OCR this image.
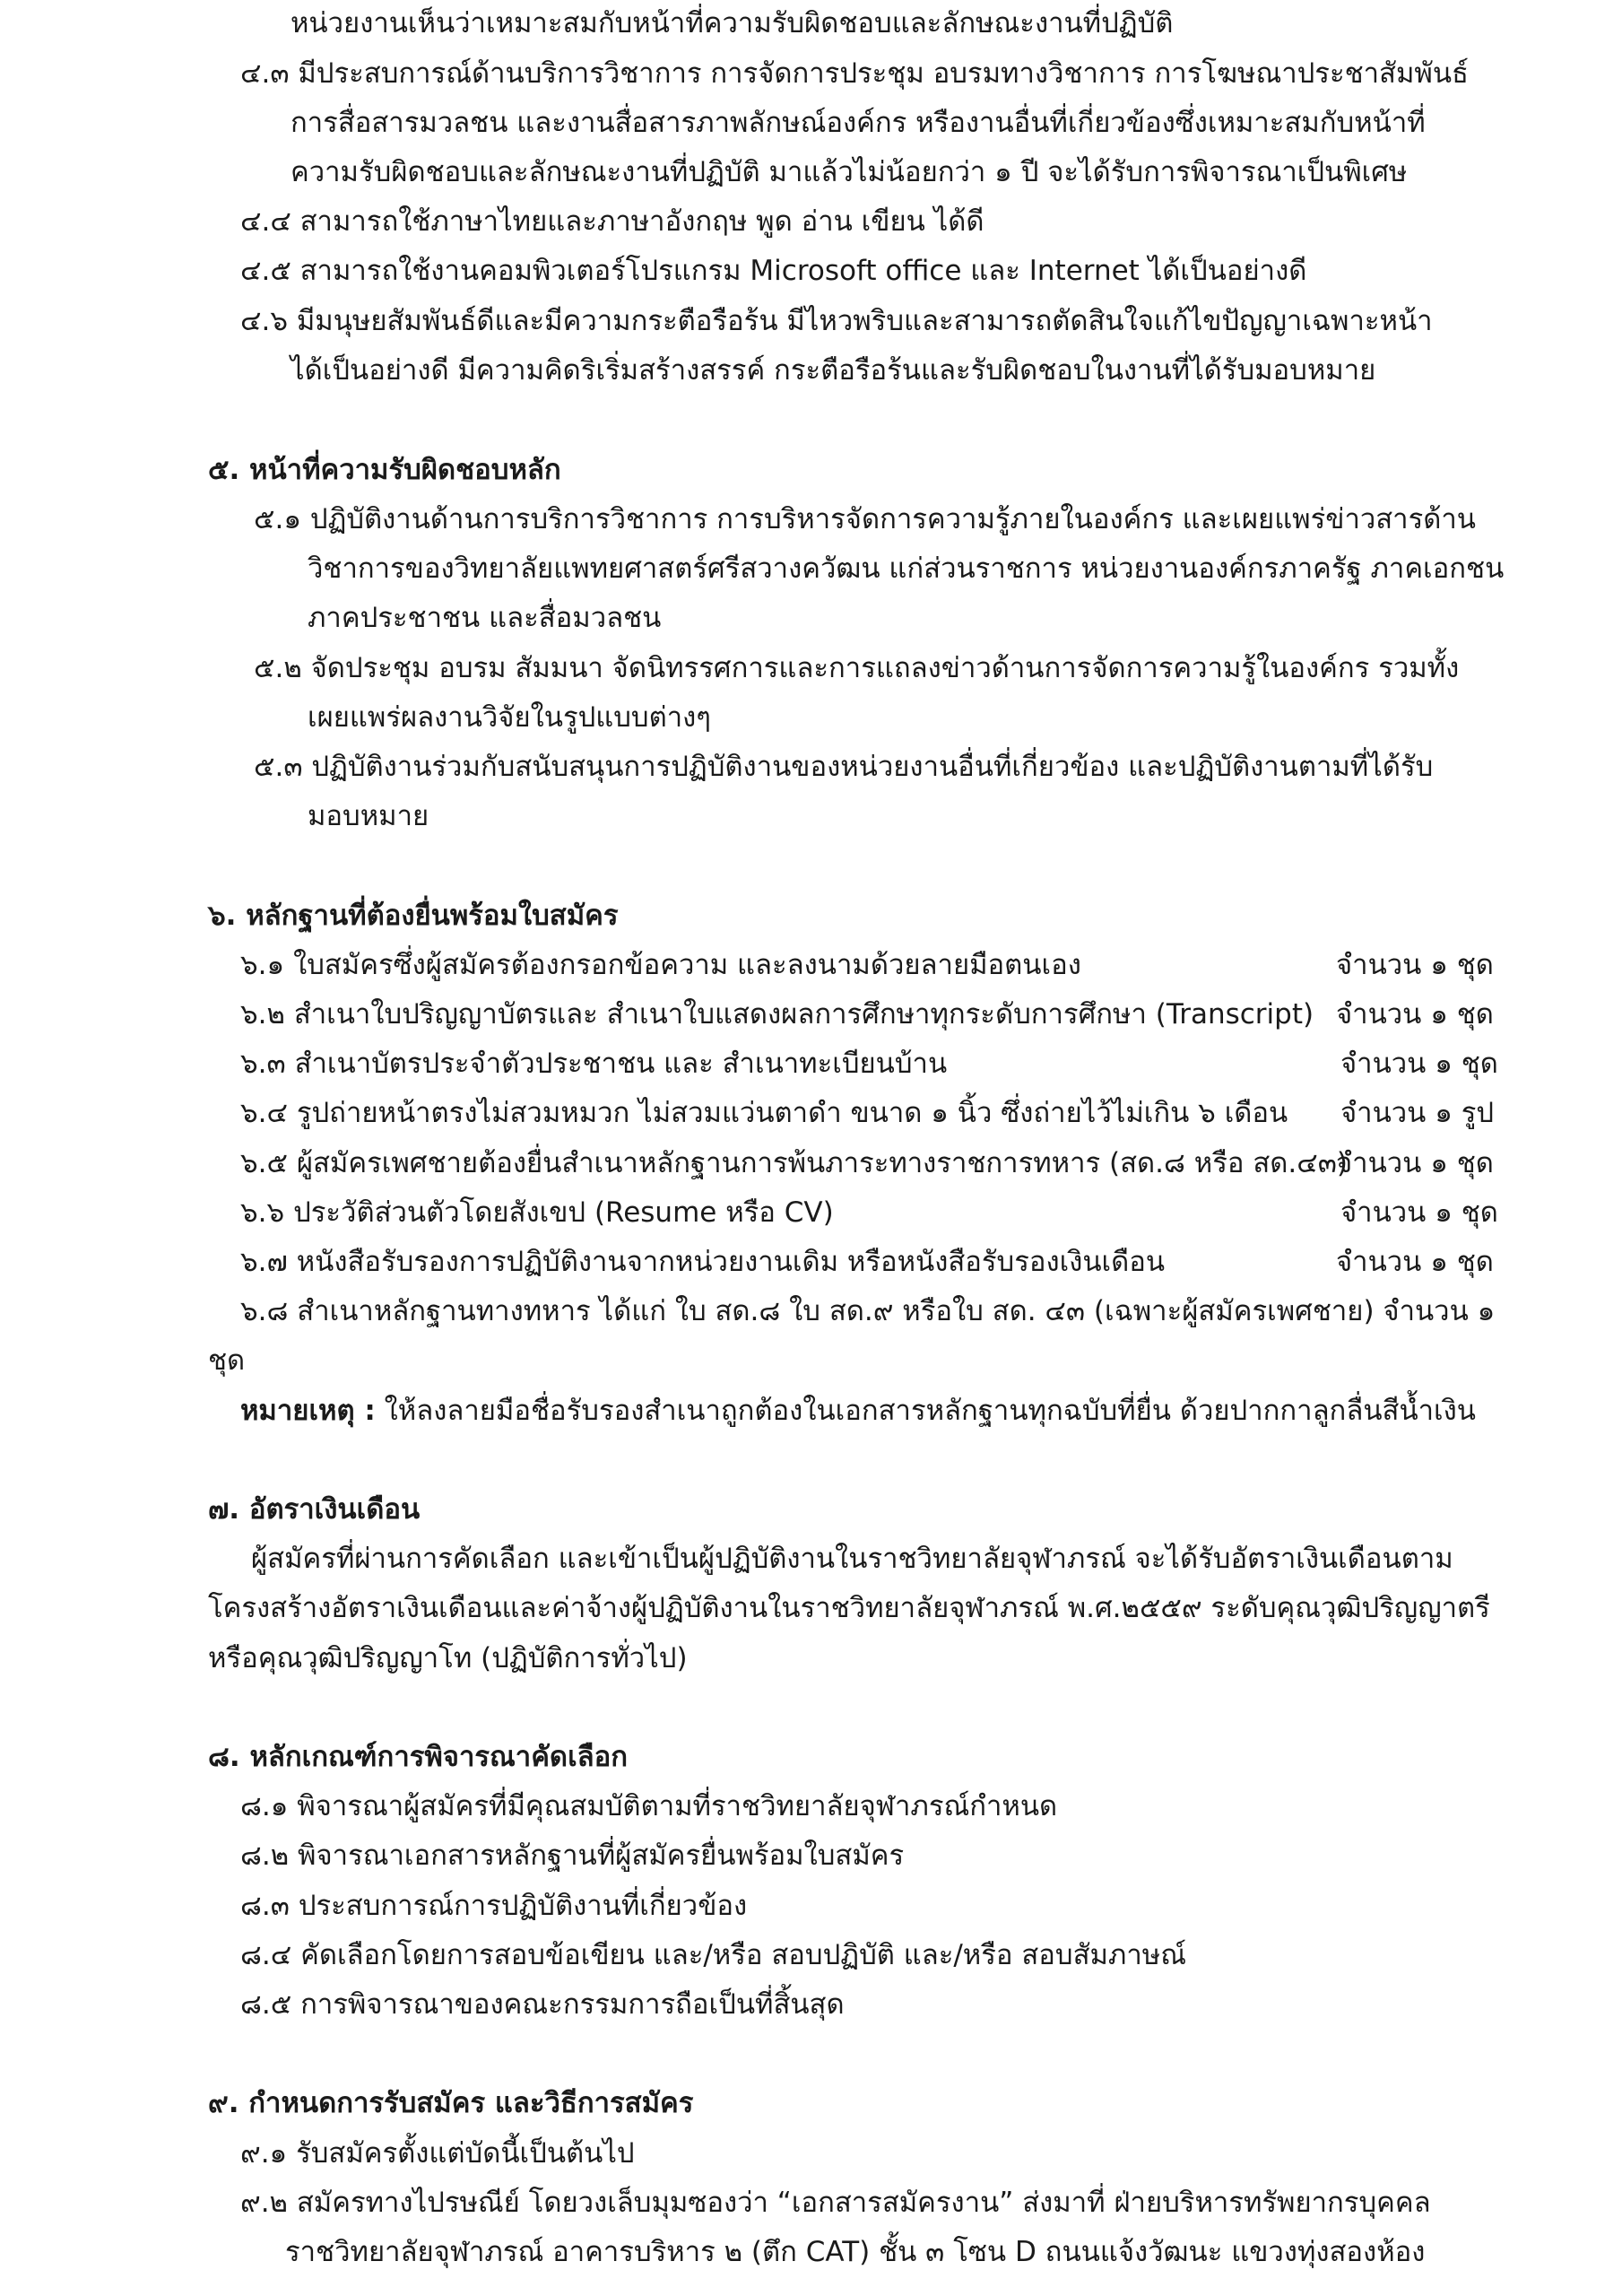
หน่วยงานเห็นว่าเหมาะสมกับหน้าที่ความรับผิดชอบและลักษณะงานที่ปฏิบัติ
๔.๓ มีประสบการณ์ด้านบริการวิชาการ การจัดการประชุม อบรมทางวิชาการ การโฆษณาประชาสัมพันธ์
การสื่อสารมวลชน และงานสื่อสารภาพลักษณ์องค์กร หรืองานอื่นที่เกี่ยวข้องซึ่งเหมาะสมกับหน้าที่
ความรับผิดชอบและลักษณะงานที่ปฏิบัติ มาแล้วไม่น้อยกว่า ๑ ปี จะได้รับการพิจารณาเป็นพิเศษ
๔.๔ สามารถใช้ภาษาไทยและภาษาอังกฤษ พูด อ่าน เขียน ได้ดี
๔.๕ สามารถใช้งานคอมพิวเตอร์โปรแกรม Microsoft office และ Internet ได้เป็นอย่างดี
๔.๖ มีมนุษยสัมพันธ์ดีและมีความกระตือรือร้น มีไหวพริบและสามารถตัดสินใจแก้ไขปัญญาเฉพาะหน้า
ได้เป็นอย่างดี มีความคิดริเริ่มสร้างสรรค์ กระตือรือร้นและรับผิดชอบในงานที่ได้รับมอบหมาย
๕. หน้าที่ความรับผิดชอบหลัก
๕.๑ ปฏิบัติงานด้านการบริการวิชาการ การบริหารจัดการความรู้ภายในองค์กร และเผยแพร่ข่าวสารด้าน
วิชาการของวิทยาลัยแพทยศาสตร์ศรีสวางควัฒน แก่ส่วนราชการ หน่วยงานองค์กรภาครัฐ ภาคเอกชน
ภาคประชาชน และสื่อมวลชน
๕.๒ จัดประชุม อบรม สัมมนา จัดนิทรรศการและการแถลงข่าวด้านการจัดการความรู้ในองค์กร รวมทั้ง
เผยแพร่ผลงานวิจัยในรูปแบบต่างๆ
๕.๓ ปฏิบัติงานร่วมกับสนับสนุนการปฏิบัติงานของหน่วยงานอื่นที่เกี่ยวข้อง และปฏิบัติงานตามที่ได้รับ
มอบหมาย
๖. หลักฐานที่ต้องยื่นพร้อมใบสมัคร
๖.๑ ใบสมัครซึ่งผู้สมัครต้องกรอกข้อความ และลงนามด้วยลายมือตนเอง	จำนวน ๑ ชุด
๖.๒ สำเนาใบปริญญาบัตรและ สำเนาใบแสดงผลการศึกษาทุกระดับการศึกษา (Transcript) จำนวน ๑ ชุด
๖.๓ สำเนาบัตรประจำตัวประชาชน และ สำเนาทะเบียนบ้าน	จำนวน ๑ ชุด
๖.๔ รูปถ่ายหน้าตรงไม่สวมหมวก ไม่สวมแว่นตาดำ ขนาด ๑ นิ้ว ซึ่งถ่ายไว้ไม่เกิน ๖ เดือน จำนวน ๑ รูป
๖.๕ ผู้สมัครเพศชายต้องยื่นสำเนาหลักฐานการพ้นภาระทางราชการทหาร (สด.๘ หรือ สด.๔๓)
จำนวน ๑ ชุด
๖.๖ ประวัติส่วนตัวโดยสังเขป (Resume หรือ CV)	จำนวน ๑ ชุด
๖.๗ หนังสือรับรองการปฏิบัติงานจากหน่วยงานเดิม หรือหนังสือรับรองเงินเดือน	จำนวน ๑ ชุด
๖.๘ สำเนาหลักฐานทางทหาร ได้แก่ ใบ สด.๘ ใบ สด.๙ หรือใบ สด. ๔๓ (เฉพาะผู้สมัครเพศชาย) จำนวน ๑
ชุด
หมายเหตุ : ให้ลงลายมือชื่อรับรองสำเนาถูกต้องในเอกสารหลักฐานทุกฉบับที่ยื่น ด้วยปากกาลูกลื่นสีน้ำเงิน
๗. อัตราเงินเดือน
ผู้สมัครที่ผ่านการคัดเลือก และเข้าเป็นผู้ปฏิบัติงานในราชวิทยาลัยจุฬาภรณ์ จะได้รับอัตราเงินเดือนตาม
โครงสร้างอัตราเงินเดือนและค่าจ้างผู้ปฏิบัติงานในราชวิทยาลัยจุฬาภรณ์ พ.ศ.๒๕๕๙ ระดับคุณวุฒิปริญญาตรี
หรือคุณวุฒิปริญญาโท (ปฏิบัติการทั่วไป)
๘. หลักเกณฑ์การพิจารณาคัดเลือก
๘.๑ พิจารณาผู้สมัครที่มีคุณสมบัติตามที่ราชวิทยาลัยจุฬาภรณ์กำหนด
๘.๒ พิจารณาเอกสารหลักฐานที่ผู้สมัครยื่นพร้อมใบสมัคร
๘.๓ ประสบการณ์การปฏิบัติงานที่เกี่ยวข้อง
๘.๔ คัดเลือกโดยการสอบข้อเขียน และ/หรือ สอบปฏิบัติ และ/หรือ สอบสัมภาษณ์
๘.๕ การพิจารณาของคณะกรรมการถือเป็นที่สิ้นสุด
๙. กำหนดการรับสมัคร และวิธีการสมัคร
๙.๑ รับสมัครตั้งแต่บัดนี้เป็นต้นไป
๙.๒ สมัครทางไปรษณีย์ โดยวงเล็บมุมซองว่า “เอกสารสมัครงาน” ส่งมาที่ ฝ่ายบริหารทรัพยากรบุคคล
ราชวิทยาลัยจุฬาภรณ์ อาคารบริหาร ๒ (ตึก CAT) ชั้น ๓ โซน D ถนนแจ้งวัฒนะ แขวงทุ่งสองห้อง
